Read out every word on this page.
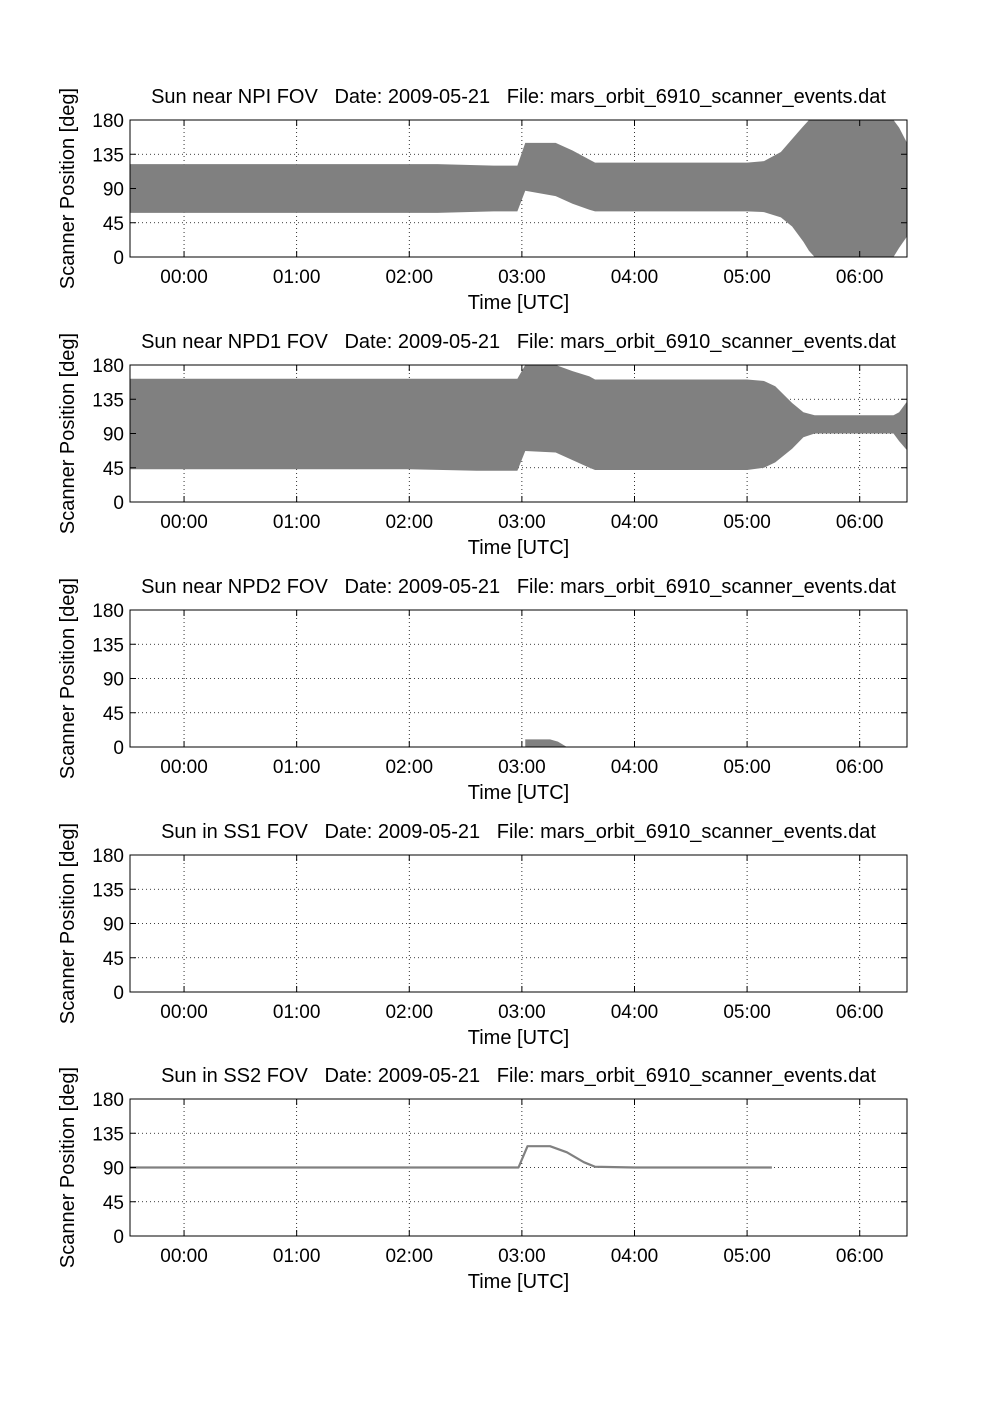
00:00	01:00	02:00	03:00	04:00	05:00	06:00
0
45
90
135
180
Sun near NPI FOV   Date: 2009-05-21   File: mars_orbit_6910_scanner_events.dat
Time [UTC]
Scanner Position [deg]
00:00	01:00	02:00	03:00	04:00	05:00	06:00
0
45
90
135
180
Sun near NPD1 FOV   Date: 2009-05-21   File: mars_orbit_6910_scanner_events.dat
Time [UTC]
Scanner Position [deg]
00:00	01:00	02:00	03:00	04:00	05:00	06:00
0
45
90
135
180
Sun near NPD2 FOV   Date: 2009-05-21   File: mars_orbit_6910_scanner_events.dat
Time [UTC]
Scanner Position [deg]
00:00	01:00	02:00	03:00	04:00	05:00	06:00
0
45
90
135
180
Sun in SS1 FOV   Date: 2009-05-21   File: mars_orbit_6910_scanner_events.dat
Time [UTC]
Scanner Position [deg]
00:00	01:00	02:00	03:00	04:00	05:00	06:00
0
45
90
135
180
Sun in SS2 FOV   Date: 2009-05-21   File: mars_orbit_6910_scanner_events.dat
Time [UTC]
Scanner Position [deg]
